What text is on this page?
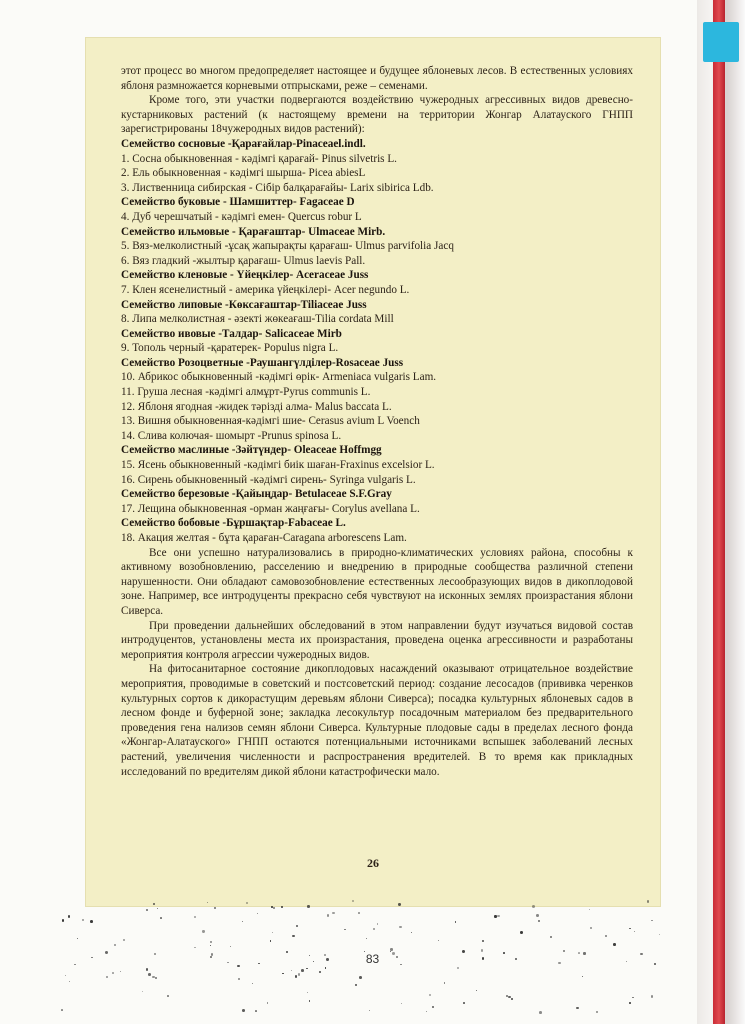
этот процесс во многом предопределяет настоящее и будущее яблоневых лесов. В естественных условиях яблоня размножается корневыми отпрысками, реже – семенами.

Кроме того, эти участки подвергаются воздействию чужеродных агрессивных видов древесно-кустарниковых растений (к настоящему времени на территории Жонгар Алатауского ГНПП зарегистрированы 18чужеродных видов растений):

Семейство сосновые -Қарағайлар-Pinaceael.indl.

1. Сосна обыкновенная - кәдімгі қарағай- Pinus silvetris L.

2. Ель обыкновенная - кәдімгі шырша- Picea abiesL

3. Лиственница сибирская - Сібір балқарағайы- Larix sibirica Ldb.

Семейство буковые - Шамшиттер- Fagaceae D

4. Дуб черешчатый - кәдімгі емен- Quercus robur L

Семейство ильмовые - Қарағаштар- Ulmaceae Mirb.

5. Вяз-мелколистный -ұсақ жапырақты қарағаш- Ulmus parvifolia Jacq

6. Вяз гладкий -жылтыр қарағаш- Ulmus laevis Pall.

Семейство кленовые - Үйеңкілер- Aceraceae Juss

7. Клен ясенелистный - америка үйеңкілері- Acer negundo L.

Семейство липовые -Көксағаштар-Tiliaceae Juss

8. Липа мелколистная - әзекті жөкеағаш-Tilia cordata Mill

Семейство ивовые -Талдар- Salicaceae Mirb

9. Тополь черный -қаратерек- Populus nigra L.

Семейство Розоцветные -Раушангүлділер-Rosaceae Juss

10. Абрикос обыкновенный -кәдімгі өрік- Armeniaca vulgaris Lam.

11. Груша лесная -кәдімгі алмұрт-Pyrus communis L.

12. Яблоня ягодная -жидек тәрізді алма- Malus baccata L.

13. Вишня обыкновенная-кәдімгі шие- Cerasus avium L Voench

14. Слива колючая- шомырт -Prunus spinosa L.

Семейство маслиные -Зәйтүндер- Oleaceae Hoffmgg

15. Ясень обыкновенный -кәдімгі биік шаған-Fraxinus excelsior L.

16. Сирень обыкновенный -кәдімгі сирень- Syringa vulgaris L.

Семейство березовые -Қайыңдар- Betulaceae S.F.Gray

17. Лещина обыкновенная -орман жаңғағы- Corylus avellana L.

Семейство бобовые -Бұршақтар-Fabaceae L.

18. Акация желтая - бұта қараған-Caragana arborescens Lam.

Все они успешно натурализовались в природно-климатических условиях района, способны к активному возобновлению, расселению и внедрению в природные сообщества различной степени нарушенности. Они обладают самовозобновление естественных лесообразующих видов в дикоплодовой зоне. Например, все интродуценты прекрасно себя чувствуют на исконных землях произрастания яблони Сиверса.

При проведении дальнейших обследований в этом направлении будут изучаться видовой состав интродуцентов, установлены места их произрастания, проведена оценка агрессивности и разработаны мероприятия контроля агрессии чужеродных видов.

На фитосанитарное состояние дикоплодовых насаждений оказывают отрицательное воздействие мероприятия, проводимые в советский и постсоветский период: создание лесосадов (прививка черенков культурных сортов к дикорастущим деревьям яблони Сиверса); посадка культурных яблоневых садов в лесном фонде и буферной зоне; закладка лесокультур посадочным материалом без предварительного проведения гена нализов семян яблони Сиверса. Культурные плодовые сады в пределах лесного фонда «Жонгар-Алатауского» ГНПП остаются потенциальными источниками вспышек заболеваний лесных растений, увеличения численности и распространения вредителей. В то время как прикладных исследований по вредителям дикой яблони катастрофически мало.

26
83
